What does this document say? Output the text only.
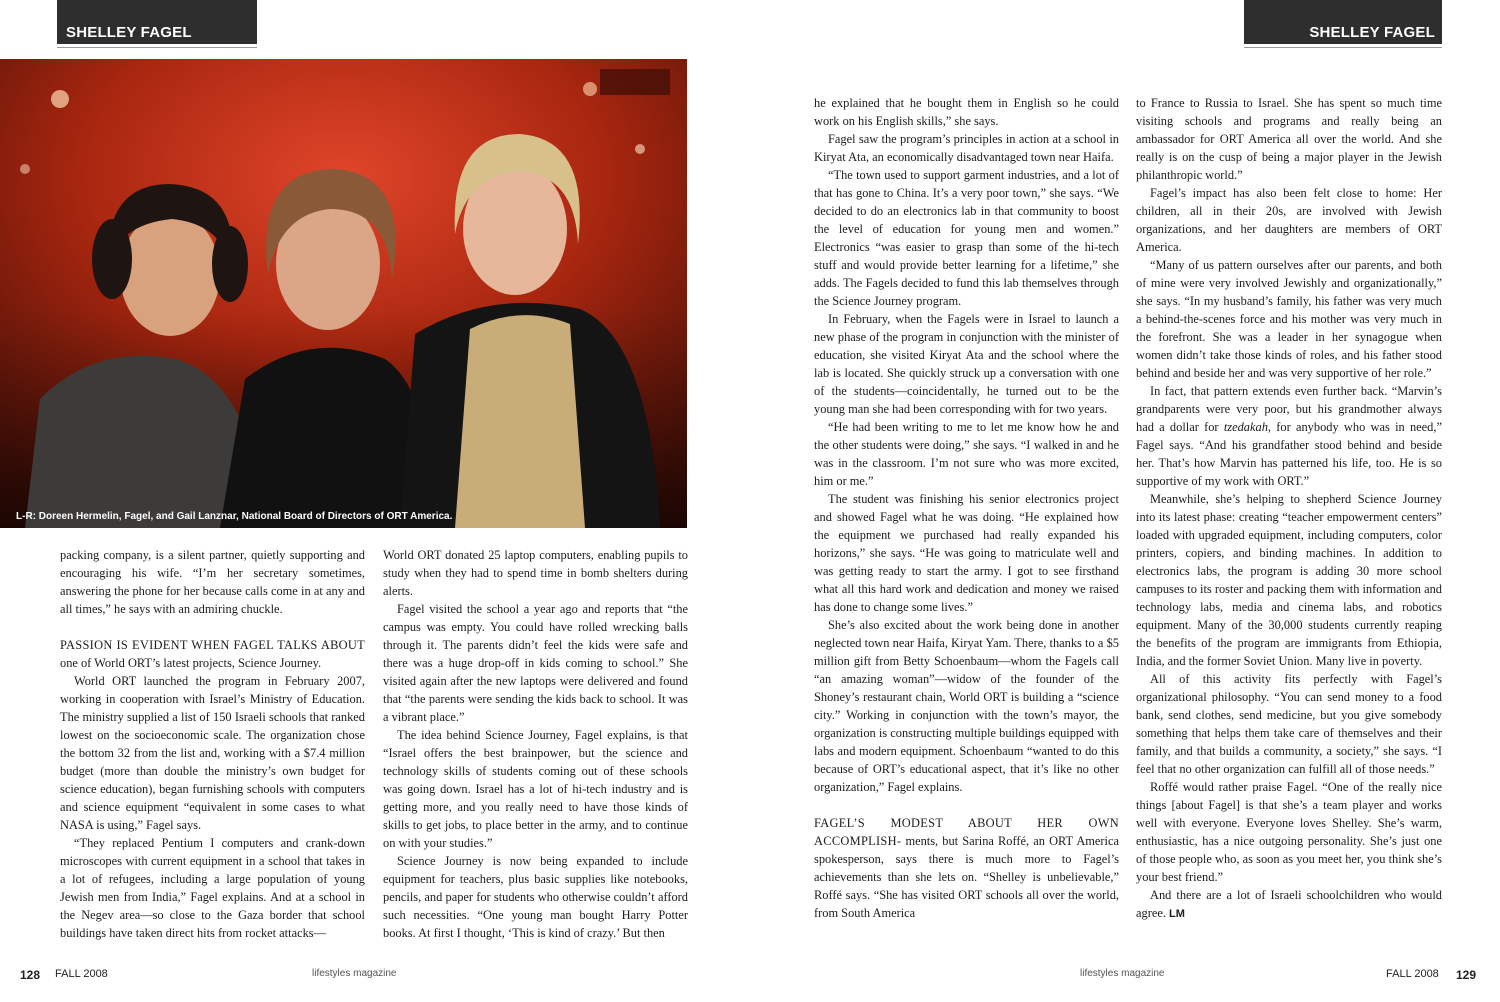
SHELLEY FAGEL	SHELLEY FAGEL
L-R: Doreen Hermelin, Fagel, and Gail Lanznar, National Board of Directors of ORT America.

packing company, is a silent partner, quietly supporting and encouraging his wife. “I’m her secretary sometimes, answering the phone for her because calls come in at any and all times,” he says with an admiring chuckle.

PASSION IS EVIDENT WHEN FAGEL TALKS ABOUT one of World ORT’s latest projects, Science Journey.

World ORT launched the program in February 2007, working in cooperation with Israel’s Ministry of Education. The ministry supplied a list of 150 Israeli schools that ranked lowest on the socioeconomic scale. The organization chose the bottom 32 from the list and, working with a $7.4 million budget (more than double the ministry’s own budget for science education), began furnishing schools with computers and science equipment “equivalent in some cases to what NASA is using,” Fagel says.

“They replaced Pentium I computers and crank-down microscopes with current equipment in a school that takes in a lot of refugees, including a large population of young Jewish men from India,” Fagel explains. And at a school in the Negev area—so close to the Gaza border that school buildings have taken direct hits from rocket attacks—

World ORT donated 25 laptop computers, enabling pupils to study when they had to spend time in bomb shelters during alerts.

Fagel visited the school a year ago and reports that “the campus was empty. You could have rolled wrecking balls through it. The parents didn’t feel the kids were safe and there was a huge drop-off in kids coming to school.” She visited again after the new laptops were delivered and found that “the parents were sending the kids back to school. It was a vibrant place.”

The idea behind Science Journey, Fagel explains, is that “Israel offers the best brainpower, but the science and technology skills of students coming out of these schools was going down. Israel has a lot of hi-tech industry and is getting more, and you really need to have those kinds of skills to get jobs, to place better in the army, and to continue on with your studies.”

Science Journey is now being expanded to include equipment for teachers, plus basic supplies like notebooks, pencils, and paper for students who otherwise couldn’t afford such necessities. “One young man bought Harry Potter books. At first I thought, ‘This is kind of crazy.’ But then

he explained that he bought them in English so he could work on his English skills,” she says.

Fagel saw the program’s principles in action at a school in Kiryat Ata, an economically disadvantaged town near Haifa.

“The town used to support garment industries, and a lot of that has gone to China. It’s a very poor town,” she says. “We decided to do an electronics lab in that community to boost the level of education for young men and women.” Electronics “was easier to grasp than some of the hi-tech stuff and would provide better learning for a lifetime,” she adds. The Fagels decided to fund this lab themselves through the Science Journey program.

In February, when the Fagels were in Israel to launch a new phase of the program in conjunction with the minister of education, she visited Kiryat Ata and the school where the lab is located. She quickly struck up a conversation with one of the students—coincidentally, he turned out to be the young man she had been corresponding with for two years.

“He had been writing to me to let me know how he and the other students were doing,” she says. “I walked in and he was in the classroom. I’m not sure who was more excited, him or me.”

The student was finishing his senior electronics project and showed Fagel what he was doing. “He explained how the equipment we purchased had really expanded his horizons,” she says. “He was going to matriculate well and was getting ready to start the army. I got to see firsthand what all this hard work and dedication and money we raised has done to change some lives.”

She’s also excited about the work being done in another neglected town near Haifa, Kiryat Yam. There, thanks to a $5 million gift from Betty Schoenbaum—whom the Fagels call “an amazing woman”—widow of the founder of the Shoney’s restaurant chain, World ORT is building a “science city.” Working in conjunction with the town’s mayor, the organization is constructing multiple buildings equipped with labs and modern equipment. Schoenbaum “wanted to do this because of ORT’s educational aspect, that it’s like no other organization,” Fagel explains.

FAGEL’S MODEST ABOUT HER OWN ACCOMPLISH- ments, but Sarina Roffé, an ORT America spokesperson, says there is much more to Fagel’s achievements than she lets on. “Shelley is unbelievable,” Roffé says. “She has visited ORT schools all over the world, from South America

to France to Russia to Israel. She has spent so much time visiting schools and programs and really being an ambassador for ORT America all over the world. And she really is on the cusp of being a major player in the Jewish philanthropic world.”

Fagel’s impact has also been felt close to home: Her children, all in their 20s, are involved with Jewish organizations, and her daughters are members of ORT America.

“Many of us pattern ourselves after our parents, and both of mine were very involved Jewishly and organizationally,” she says. “In my husband’s family, his father was very much a behind-the-scenes force and his mother was very much in the forefront. She was a leader in her synagogue when women didn’t take those kinds of roles, and his father stood behind and beside her and was very supportive of her role.”

In fact, that pattern extends even further back. “Marvin’s grandparents were very poor, but his grandmother always had a dollar for tzedakah, for anybody who was in need,” Fagel says. “And his grandfather stood behind and beside her. That’s how Marvin has patterned his life, too. He is so supportive of my work with ORT.”

Meanwhile, she’s helping to shepherd Science Journey into its latest phase: creating “teacher empowerment centers” loaded with upgraded equipment, including computers, color printers, copiers, and binding machines. In addition to electronics labs, the program is adding 30 more school campuses to its roster and packing them with information and technology labs, media and cinema labs, and robotics equipment. Many of the 30,000 students currently reaping the benefits of the program are immigrants from Ethiopia, India, and the former Soviet Union. Many live in poverty.

All of this activity fits perfectly with Fagel’s organizational philosophy. “You can send money to a food bank, send clothes, send medicine, but you give somebody something that helps them take care of themselves and their family, and that builds a community, a society,” she says. “I feel that no other organization can fulfill all of those needs.”

Roffé would rather praise Fagel. “One of the really nice things [about Fagel] is that she’s a team player and works well with everyone. Everyone loves Shelley. She’s warm, enthusiastic, has a nice outgoing personality. She’s just one of those people who, as soon as you meet her, you think she’s your best friend.”

And there are a lot of Israeli schoolchildren who would agree. LM

128 FALL 2008	lifestyles magazine	lifestyles magazine	FALL 2008 129
